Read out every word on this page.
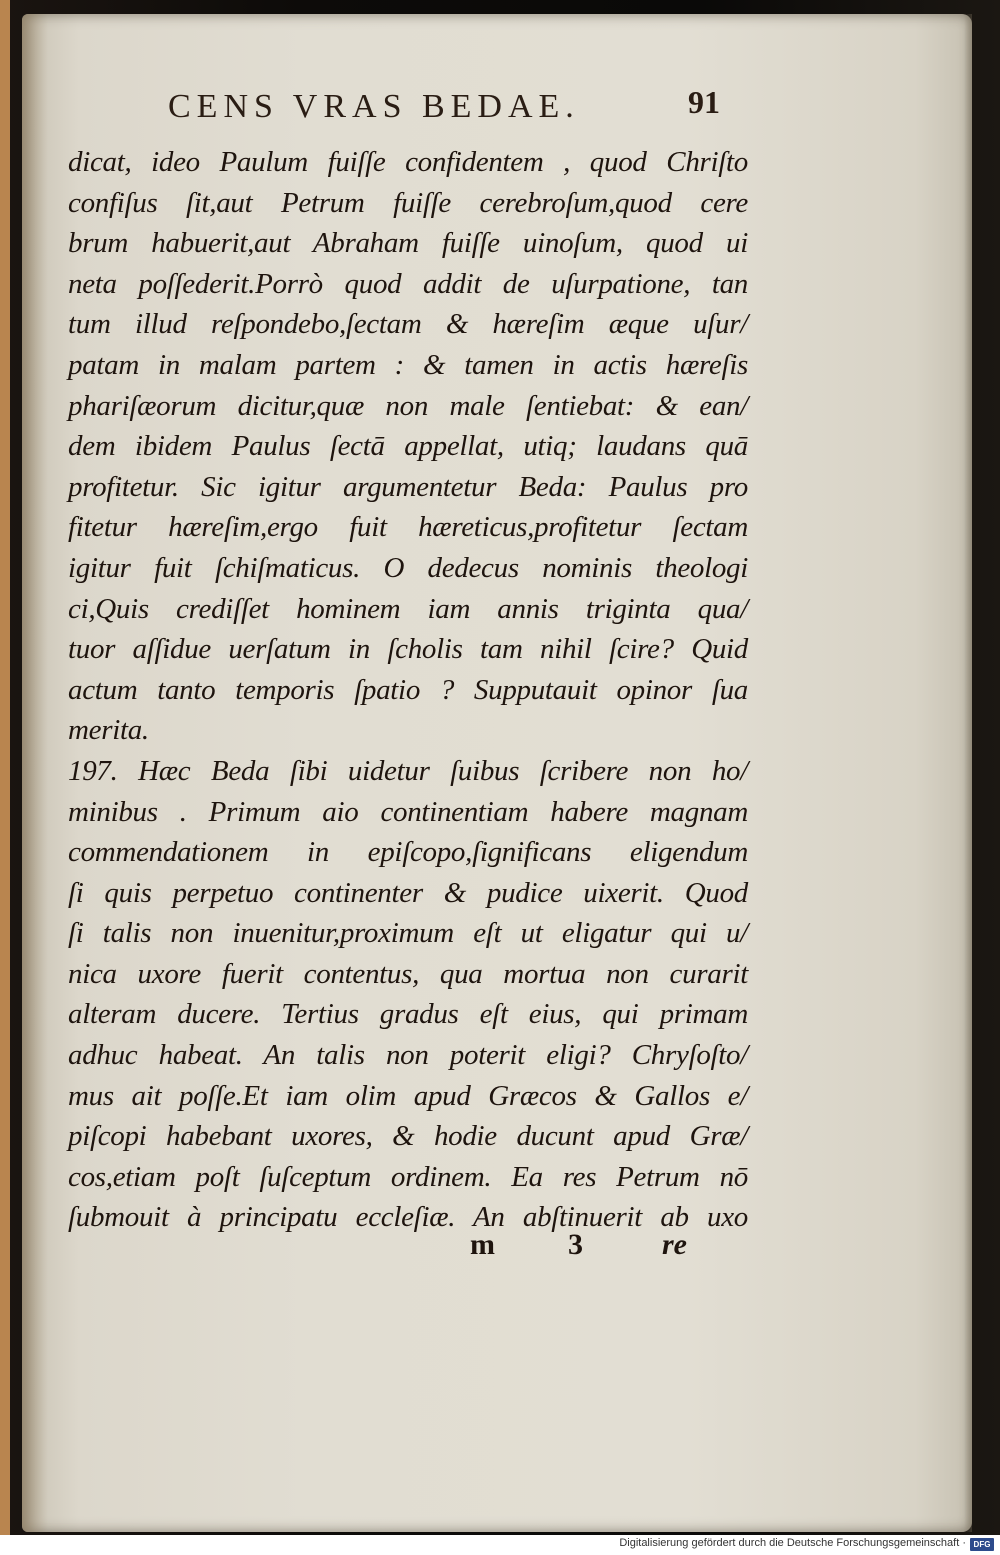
CENS VRAS BEDAE.	91
dicat, ideo Paulum fuiſſe confidentem , quod Chriſto
confiſus ſit,aut Petrum fuiſſe cerebroſum,quod cere
brum habuerit,aut Abraham fuiſſe uinoſum, quod ui
neta poſſederit.Porrò quod addit de uſurpatione, tan
tum illud reſpondebo,ſectam & hæreſim æque uſur/
patam in malam partem : & tamen in actis hæreſis
phariſæorum dicitur,quæ non male ſentiebat: & ean/
dem ibidem Paulus ſectā appellat, utiq; laudans quā
profitetur. Sic igitur argumentetur Beda: Paulus pro
fitetur hæreſim,ergo fuit hæreticus,profitetur ſectam
igitur fuit ſchiſmaticus. O dedecus nominis theologi
ci,Quis crediſſet hominem iam annis triginta qua/
tuor aſſidue uerſatum in ſcholis tam nihil ſcire? Quid
actum tanto temporis ſpatio ? Supputauit opinor ſua
merita.
197. Hæc Beda ſibi uidetur ſuibus ſcribere non ho/
minibus . Primum aio continentiam habere magnam
commendationem in epiſcopo,ſignificans eligendum
ſi quis perpetuo continenter & pudice uixerit. Quod
ſi talis non inuenitur,proximum eſt ut eligatur qui u/
nica uxore fuerit contentus, qua mortua non curarit
alteram ducere. Tertius gradus eſt eius, qui primam
adhuc habeat. An talis non poterit eligi? Chryſoſto/
mus ait poſſe.Et iam olim apud Græcos & Gallos e/
piſcopi habebant uxores, & hodie ducunt apud Græ/
cos,etiam poſt ſuſceptum ordinem. Ea res Petrum nō
ſubmouit à principatu eccleſiæ. An abſtinuerit ab uxo
m 3	re
Digitalisierung gefördert durch die Deutsche Forschungsgemeinschaft · DFG
